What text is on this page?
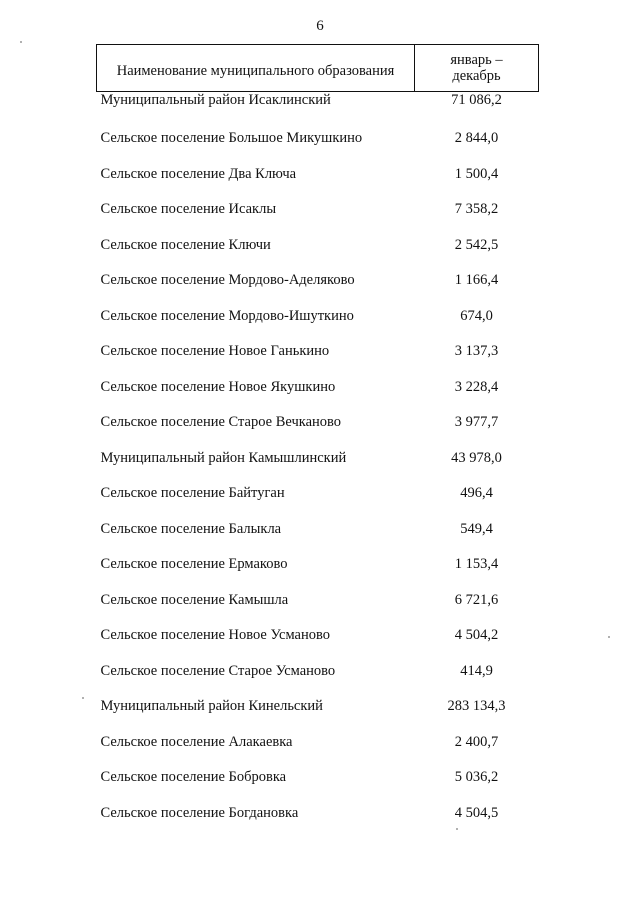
6
Наименование муниципального образования	январь –
декабрь

Муниципальный район Исаклинский	71 086,2
Сельское поселение Большое Микушкино	2 844,0
Сельское поселение Два Ключа	1 500,4
Сельское поселение Исаклы	7 358,2
Сельское поселение Ключи	2 542,5
Сельское поселение Мордово-Аделяково	1 166,4
Сельское поселение Мордово-Ишуткино	674,0
Сельское поселение Новое Ганькино	3 137,3
Сельское поселение Новое Якушкино	3 228,4
Сельское поселение Старое Вечканово	3 977,7
Муниципальный район Камышлинский	43 978,0
Сельское поселение Байтуган	496,4
Сельское поселение Балыкла	549,4
Сельское поселение Ермаково	1 153,4
Сельское поселение Камышла	6 721,6
Сельское поселение Новое Усманово	4 504,2
Сельское поселение Старое Усманово	414,9
Муниципальный район Кинельский	283 134,3
Сельское поселение Алакаевка	2 400,7
Сельское поселение Бобровка	5 036,2
Сельское поселение Богдановка	4 504,5
